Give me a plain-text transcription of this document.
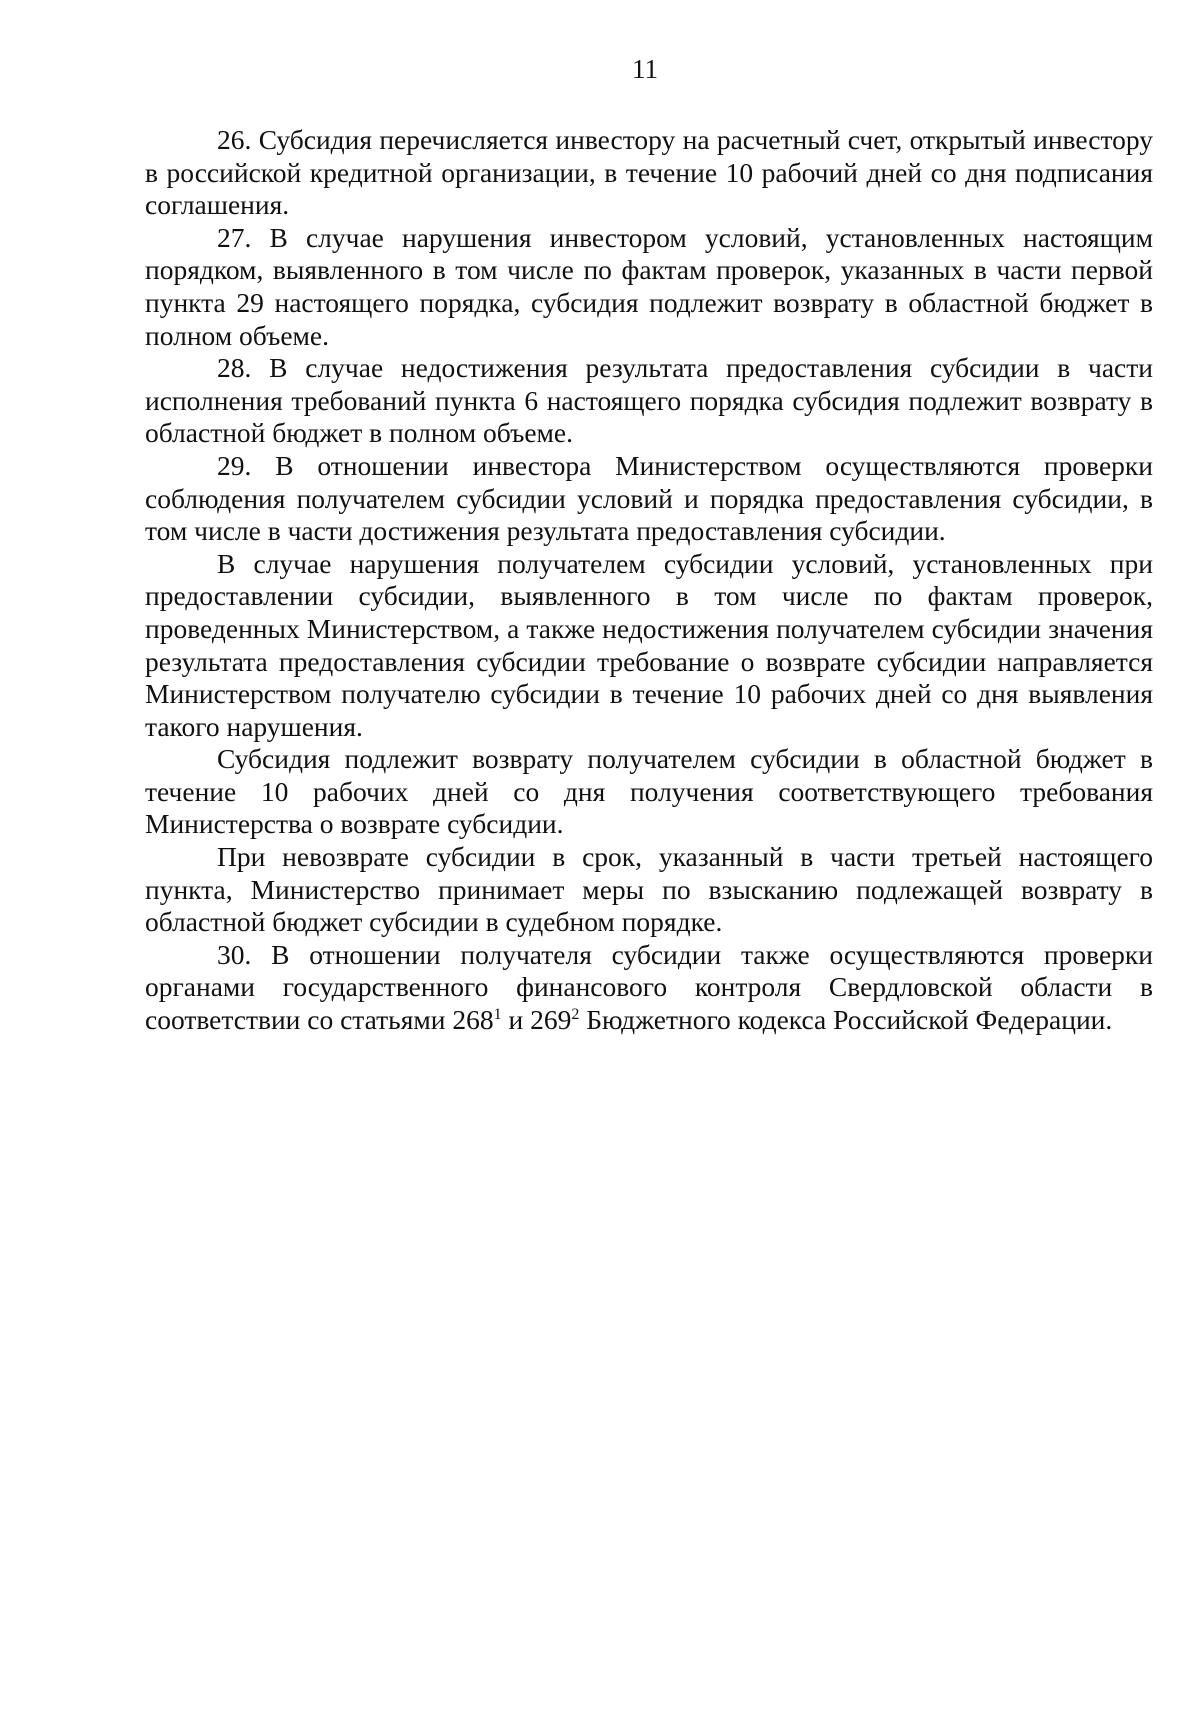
11

26. Субсидия перечисляется инвестору на расчетный счет, открытый инвестору в российской кредитной организации, в течение 10 рабочий дней со дня подписания соглашения.

27. В случае нарушения инвестором условий, установленных настоящим порядком, выявленного в том числе по фактам проверок, указанных в части первой пункта 29 настоящего порядка, субсидия подлежит возврату в областной бюджет в полном объеме.

28. В случае недостижения результата предоставления субсидии в части исполнения требований пункта 6 настоящего порядка субсидия подлежит возврату в областной бюджет в полном объеме.

29. В отношении инвестора Министерством осуществляются проверки соблюдения получателем субсидии условий и порядка предоставления субсидии, в том числе в части достижения результата предоставления субсидии.

В случае нарушения получателем субсидии условий, установленных при предоставлении субсидии, выявленного в том числе по фактам проверок, проведенных Министерством, а также недостижения получателем субсидии значения результата предоставления субсидии требование о возврате субсидии направляется Министерством получателю субсидии в течение 10 рабочих дней со дня выявления такого нарушения.

Субсидия подлежит возврату получателем субсидии в областной бюджет в течение 10 рабочих дней со дня получения соответствующего требования Министерства о возврате субсидии.

При невозврате субсидии в срок, указанный в части третьей настоящего пункта, Министерство принимает меры по взысканию подлежащей возврату в областной бюджет субсидии в судебном порядке.

30. В отношении получателя субсидии также осуществляются проверки органами государственного финансового контроля Свердловской области в соответствии со статьями $268^1$ и $269^2$ Бюджетного кодекса Российской Федерации.
